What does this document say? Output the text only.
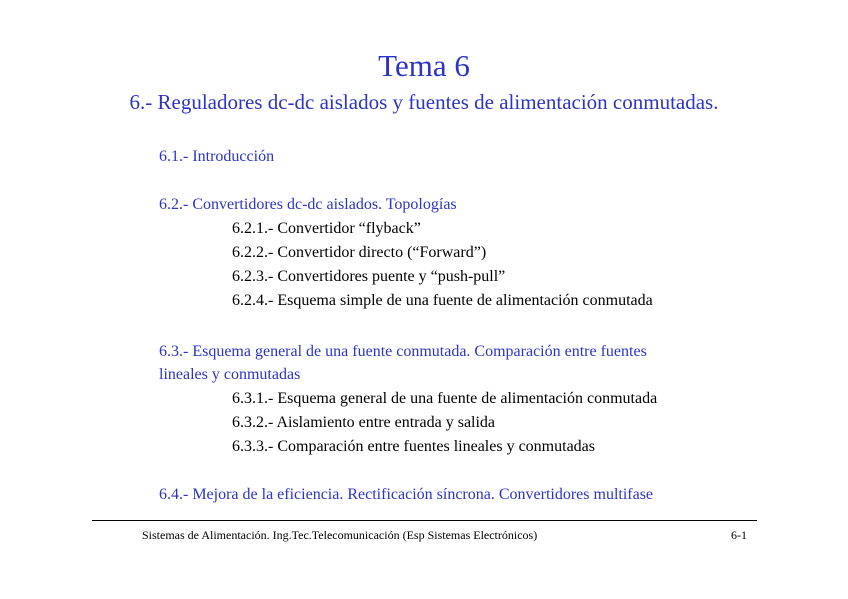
Tema 6
6.- Reguladores dc-dc aislados y fuentes de alimentación conmutadas.
6.1.- Introducción
6.2.- Convertidores dc-dc aislados. Topologías
6.2.1.- Convertidor “flyback”
6.2.2.- Convertidor directo (“Forward”)
6.2.3.- Convertidores puente y “push-pull”
6.2.4.- Esquema simple de una fuente de alimentación conmutada
6.3.- Esquema general de una fuente conmutada. Comparación entre fuentes
lineales y conmutadas
6.3.1.- Esquema general de una fuente de alimentación conmutada
6.3.2.- Aislamiento entre entrada y salida
6.3.3.- Comparación entre fuentes lineales y conmutadas
6.4.- Mejora de la eficiencia. Rectificación síncrona. Convertidores multifase
Sistemas de Alimentación. Ing.Tec.Telecomunicación (Esp Sistemas Electrónicos)	6-1
